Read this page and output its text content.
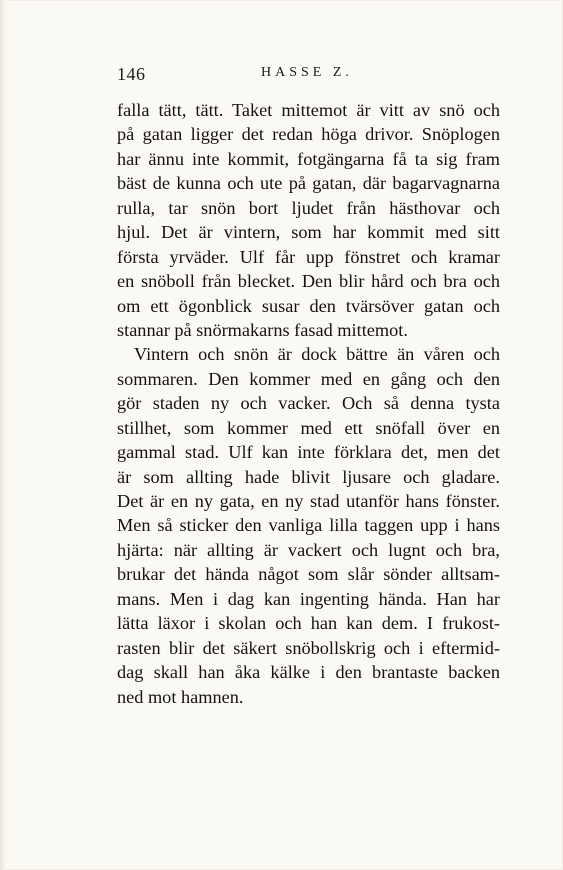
146	HASSE Z.
falla tätt, tätt. Taket mittemot är vitt av snö och
på gatan ligger det redan höga drivor. Snöplogen
har ännu inte kommit, fotgängarna få ta sig fram
bäst de kunna och ute på gatan, där bagarvagnarna
rulla, tar snön bort ljudet från hästhovar och
hjul. Det är vintern, som har kommit med sitt
första yrväder. Ulf får upp fönstret och kramar
en snöboll från blecket. Den blir hård och bra och
om ett ögonblick susar den tvärsöver gatan och
stannar på snörmakarns fasad mittemot.
Vintern och snön är dock bättre än våren och
sommaren. Den kommer med en gång och den
gör staden ny och vacker. Och så denna tysta
stillhet, som kommer med ett snöfall över en
gammal stad. Ulf kan inte förklara det, men det
är som allting hade blivit ljusare och gladare.
Det är en ny gata, en ny stad utanför hans fönster.
Men så sticker den vanliga lilla taggen upp i hans
hjärta: när allting är vackert och lugnt och bra,
brukar det hända något som slår sönder alltsam-
mans. Men i dag kan ingenting hända. Han har
lätta läxor i skolan och han kan dem. I frukost-
rasten blir det säkert snöbollskrig och i eftermid-
dag skall han åka kälke i den brantaste backen
ned mot hamnen.
